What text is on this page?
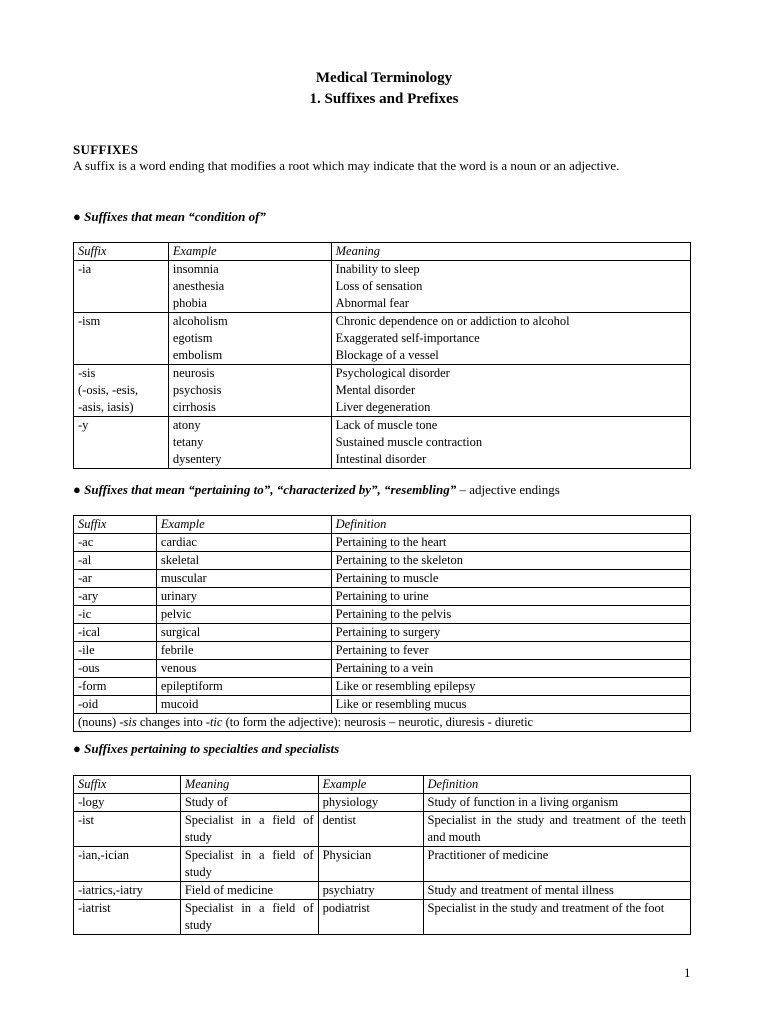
Medical Terminology
1. Suffixes and Prefixes
SUFFIXES
A suffix is a word ending that modifies a root which may indicate that the word is a noun or an adjective.
● Suffixes that mean “condition of”
Suffix	Example	Meaning
-ia	insomnia	Inability to sleep
	anesthesia	Loss of sensation
	phobia	Abnormal fear
-ism	alcoholism	Chronic dependence on or addiction to alcohol
	egotism	Exaggerated self-importance
	embolism	Blockage of a vessel
-sis	neurosis	Psychological disorder
(-osis, -esis,	psychosis	Mental disorder
-asis, iasis)	cirrhosis	Liver degeneration
-y	atony	Lack of muscle tone
	tetany	Sustained muscle contraction
	dysentery	Intestinal disorder
● Suffixes that mean “pertaining to”, “characterized by”, “resembling” – adjective endings
Suffix	Example	Definition
-ac	cardiac	Pertaining to the heart
-al	skeletal	Pertaining to the skeleton
-ar	muscular	Pertaining to muscle
-ary	urinary	Pertaining to urine
-ic	pelvic	Pertaining to the pelvis
-ical	surgical	Pertaining to surgery
-ile	febrile	Pertaining to fever
-ous	venous	Pertaining to a vein
-form	epileptiform	Like or resembling epilepsy
-oid	mucoid	Like or resembling mucus
(nouns) -sis changes into -tic (to form the adjective): neurosis – neurotic, diuresis - diuretic		
● Suffixes pertaining to specialties and specialists
Suffix	Meaning	Example	Definition
-logy	Study of	physiology	Study of function in a living organism
-ist	Specialist in a field of study	dentist	Specialist in the study and treatment of the teeth and mouth
-ian,-ician	Specialist in a field of study	Physician	Practitioner of medicine
-iatrics,-iatry	Field of medicine	psychiatry	Study and treatment of mental illness
-iatrist	Specialist in a field of study	podiatrist	Specialist in the study and treatment of the foot
1
